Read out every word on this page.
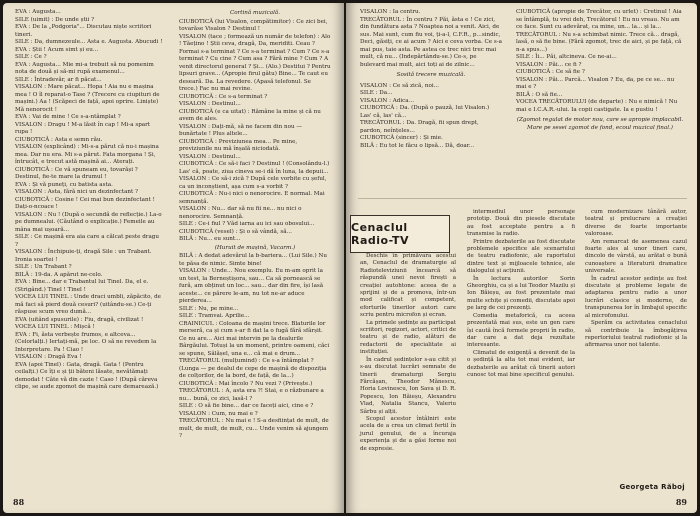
EVA : Augusta...

SILE (uimit) : De unde știi ?

EVA : De la „Podgoria"... Discutau niște scriitori tineri.

SILE : Da, dumnezeule... Asta e. Augusta. Abucudi !

EVA : Știi ! Acum simt și eu...

SILE : Ce ?

EVA : Augusta... Mie mi-a trebuit să nu pomenim nota de două și să-mi rupă examenul...

SILE : Întradevăr, ar fi păcat...

VISALON : Mare păcat... Hopa ! Aia nu e mașina mea ! O îl reparat-o Tase ? (Trecere cu ciupituri de mașini.) Aa ! (Scăpeci de față, apoi oprire. Liniște) Mă nenorocit !

EVA : Vai de mine ! Ce s-a-ntâmplat ?

VISALON : Dragu ! M-a lăsit în cap ! Mi-a spart rupa !

CIUBOTICĂ : Asta e semn rău.

VISALON (explicând) : Mi-s-a părut că nu-i mașina mea. Dar nu era. Mi s-a părut. Fata morgana ! Și, întrucât, e trecut astă mașină ai... Aterați.

CIUBOTICĂ : Ce vă spuneam eu, tovarăși ? Destinul, fie-te mare la drumul !

EVA : Și vă puneți, cu batista asta.

VISALON : Asta, fără nici un dezinfectant ?

CIUBOTICĂ : Cosine ! Cei mai bun dezinfectant ! Dați-o-ncoace !

VISALON : Nu ! (După o secundă de reflecție.) La-o pe dumnealui. (Căutând o explicație.) Femeile au mâna mai ușoară...

SILE : Ce mașină era aia care a călcat peste dragu ?

VISALON : Închipuie-ți, dragă Sile : un Trabant. Ironia soartei !

SILE : Un Trabant ?

BILĂ : 19-da. A apărut ne-celo.

EVA : Bine... dar e Trabantul lui Tinel. Da, el e. (Strigând.) Tinel ! Tinel !

VOCEA LUI TINEL : Unde draci umbli, zăpăcito, de mă faci să pierd două cesuri? (uitându-se.) Ce-ți răspuse scum vreo dumă...

EVA (uitând spusurile) : Fiu, dragă, civilizat !

VOCEA LUI TINEL : Mișcă !

EVA : Fi, ăsta verbește frumos, e altceva... (Celorlalți.) Iertați-mă, pe loc. O să ne revedem la Interpretare. Pa ! Ciao !

VISALON : Dragă Eva !

EVA (apoi Tinel) : Gata, dragă. Gata ! (Pentru ceilalți.) Ce îți e și ții băteni lăsate, nevătămați demodat ! Câte vă din cazie ! Caso ! (După căreva clipe, se aude zgomot de mașină care demarează.)

Cortină muzicală.

CIUBOTICĂ (lui Visalon, compătimitor) : Ce zici bei, tovarăse Visalon ? Destinul !

VISALON (tace ; formează un număr de telefon) : Alo ! Tăețino ! Știi ceva, dragă, Da, meriditi. Ceau ? Formai s-a terminat ? Ce s-a terminat ? Cum ? Ce s-a terminat ? Cu cine ? Cum asa ? Fără mine ? Cum ? A venit directorul general ? Și... (Alo.) Destitui ? Pentru lipsuri grave... (Apropie firul gâtu) Bine... Te caut eu deseară. Da. La revedere. (Apasă telefonul. Se trece.) Fac nu mai revine.

CIUBOTICĂ : Ce s-a terminat ?

VISALON : Destinul...

CIUBOTICĂ (e ca uitat) : Rămâne la mine și că nu avem de ales.

VISALON : Dați-mă, să ne facem din nou — bunărtate ! Plus altele...

CIUBOTICĂ : Previziunea mea... Pe mine, previziunile nu mă înșală niciodată.

VISALON : Destinul...

CIUBOTICĂ : Ce să-i faci ? Destinul ! (Consolându-l.) Las' că, poate, ziua cineva se-i dă în luna, la depuii...

VISALON : Ce să-i zică ? După cele vorbite cu șeful, ca un inconștient, așa cum s-a vorbit ?

CIUBOTICĂ : Nu-i nici o nenorocire. E normal. Mai semnanță.

VISALON : Nu... dar să nu fii ne... nu nici o nenorocire. Semnanță.

SILE : Ce-i fiul ? Văd iarna au ici sau obosului...

CIUBOTICĂ (vesel) : Și o să vândă, să...

BILĂ : Nu... eu sunt...

(Huruit de mașină, Vacarm.)

BILĂ : A dedat adevărul la b-bariera... (Lui Sile.) Nu te păsa de nimic. Simte bine!

VISALON : Unde... Nou exemplu. Eu m-am oprit la un test, la Berneștișora, sau... Ca să pornească se fură, am obținut un loc... sau... dar din fire, își lasă aceste... ce părere le-am, nu tot ne-ar aduce pierderea...

SILE : Nu, pe mine...

SILE : Tramvai. Aprilie...

CRAINICUL : Coloana de mașini trece. Blaturile lor merseră, ca și cum s-ar fi dat la o fugă fără sfârșit. Ce nu are... Aici mai intervin pe la dealurile Bârgăului. Totuși la un moment, printre oameni, căci se spune, Sălășel, una e... că mai e drum...

TRECĂTORUL (mulțumind) : Ce s-a întâmplat ? (Lunga — pe dealul de cepe de mașină de dispoziția de colțorilor, de la bord, de față, de la...)

CIUBOTICĂ : Mai încolo ? Nu vezi ? (Privește.)

TRECĂTORUL : A, asta era ?! Stai, e o răzbunare a nu... bună, ce zici, lasă-l ?

SILE : O să fie bine... dar ce faceți aici, cine e ?

VISALON : Cum, nu mai e ?

TRECĂTORUL : Nu mai e ! S-a desființat de mult, de mult, de mult, de mult, cu... Unde venim să ajungem ?

88

VISALON : Ia centru.

TRECĂTORUL : În centru ? Păi, ăsta e ! Ce zici, din fundătura asta ? Noaptea noi a venit. Aici, de sus. Mai sunt, cum fiu voi, ți-a-l, C.F.R., p...sindic, Deci, găsiți, ce ai acum ? Aici e ceva vorba. Ce s-a mai pus, taie asta. Pe astea ce trec nici trec mai mult, că nu... (Indepărtându-se.) Ce-s, pe bulevard mai mult, aici toți ai de zilnic...

Sosită trecere muzicală.

VISALON : Ce să zică, noi...

SILE : Da...

VISALON : Adica...

CIUBOTICĂ : Da. (După o pauză, lui Visalon.) Las' că, las' că...

TRECĂTORUL : Da. Dragă, fii spun drept, pardon, neînțeles...

CIUBOTICĂ (sincer) : Și mie.

BILĂ : Eu tot le făcu o lipsă... Dă, doar...

CIUBOTICĂ (apropie de Trecător, cu urlet) : Cretinul ! Aia se întâmplă, tu vrei deh, Trecătorul ! Eu nu vreau. Nu am ce face. Sunt cu adevărat, ca mine, un... la... și la...

TRECĂTORUL : Nu s-a schimbat nimic. Trece că... dragă, lasă, o să fie bine. (Fără zgomot, trec de aici, și pe față, că n-a spus...)

SILE : Îi... Păi, altcineva. Ce ne-ai...

VISALON : Păi... ce fi ?

CIUBOTICĂ : Ce să fie ?

VISALON : Păi... Parcă... Visalon ? Eu, da, pe ce se... nu mai e ?

BILĂ : O să fie...

VOCEA TRECĂTORULUI (de departe) : Nu e nimică ! Nu mai e I.C.A.R.-ului. Ia copii castigate. Ia e pustiu !

(Zgomot regulat de motor nou, care se apropie implacabil. Mare pe sesei zgomot de fond, ecoul muzical final.)

Deschis în primăvara acestui an, Cenaclul de dramaturgie al Radioteleviziunii încearcă să răspundă unei nevoi firești a creației autohtone: aceea de a sprijini și de a promova, într-un mod calificat și competent, eforturile tinerilor autori care scriu pentru microfon și ecran.

La primele ședințe au participat scriitori, regizori, actori, critici de teatru și de radio, alături de redactorii de specialitate ai instituției.

În cadrul ședințelor s-au citit și s-au discutat lucrări semnate de tinerii dramaturgi Sergiu Fărcășan, Theodor Mănescu, Horia Lovinescu, Ion Sava și D. R. Popescu, Ion Băieșu, Alexandru Vlad, Natalia Stancu, Valeriu Sârbu și alții.

Scopul acestor întâlniri este acela de a crea un climat fertil în jurul genului, de a încuraja experiența și de a găsi forme noi de expresie.

Cenaclul Radio-TV

intermediul unor personaje prototip. Două din piesele discutate au fost acceptate pentru a fi transmise la radio.

Printre dezbaterile au fost discutate problemele specifice ale scenariului de teatru radiofonic, ale raportului dintre text și mijloacele tehnice, ale dialogului și acțiunii.

În lectura autorilor Sorin Gheorghiu, ca și a lui Teodor Mazilu și Ion Băieșu, au fost prezentate mai multe schițe și comedii, discutate apoi pe larg de cei prezenți.

Comedia metaforică, ca aceea prezentată mai sus, este un gen care își caută încă formele proprii în radio, dar care a dat deja rezultate interesante.

Climatul de exigență a devenit de la o ședință la alta tot mai evident, iar dezbaterile au arătat că tinerii autori cunosc tot mai bine specificul genului.

cum modernizare tânără autor, teatral și prelucrare a creației diverse de foarte importante valoroase.

Am remarcat de asemenea cazul foarte ales al unor tineri care, dincolo de vârstă, au arătat o bună cunoaștere a literaturii dramatice universale.

În cadrul acestor ședințe au fost discutate și probleme legate de adaptarea pentru radio a unor lucrări clasice și moderne, de transpunerea lor în limbajul specific al microfonului.

Sperăm ca activitatea cenaclului să contribuie la îmbogățirea repertoriului teatral radiofonic și la afirmarea unor noi talente.

Georgeta Răboj
89
